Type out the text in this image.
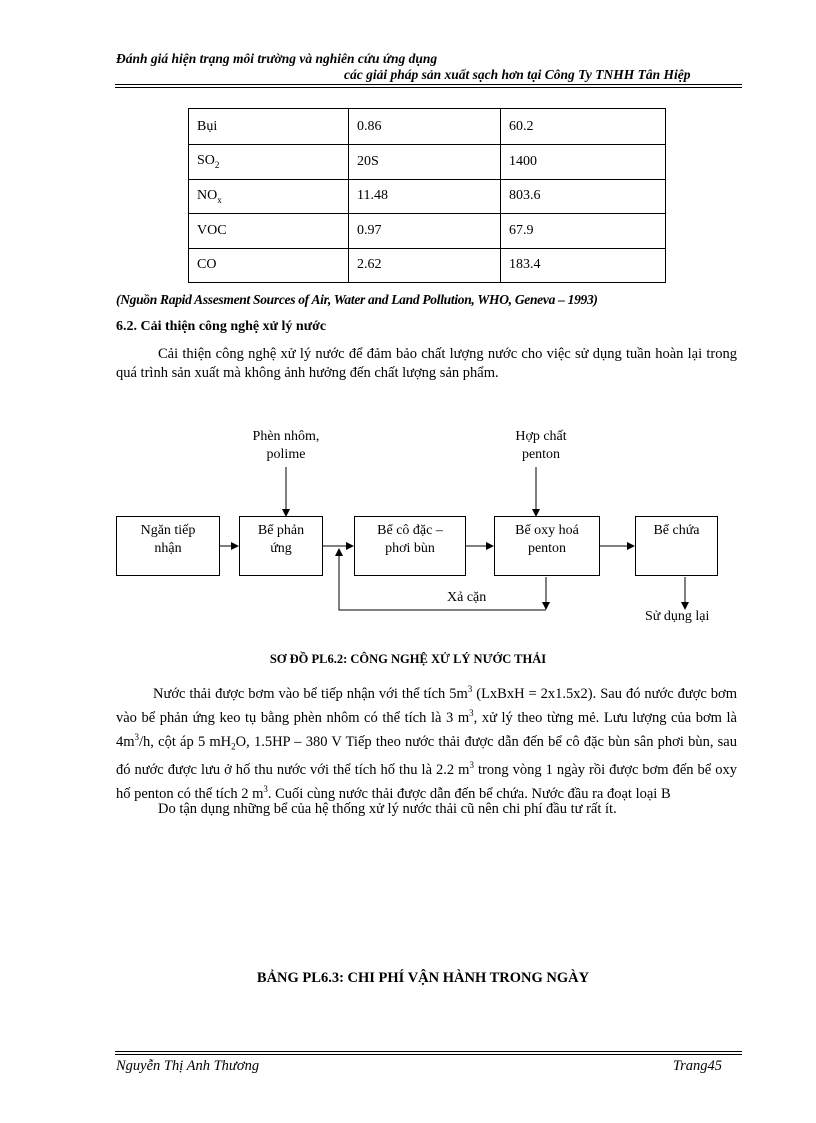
Đánh giá hiện trạng môi trường và nghiên cứu ứng dụng
các giải pháp sản xuất sạch hơn tại Công Ty TNHH Tân Hiệp
Bụi	0.86	60.2
$SO_2$	20S	1400
$NO_x$	11.48	803.6
VOC	0.97	67.9
CO	2.62	183.4
(Nguồn Rapid Assesment Sources of Air, Water and Land Pollution, WHO, Geneva – 1993)
6.2. Cải thiện công nghệ xử lý nước
Cải thiện công nghệ xử lý nước để đảm bảo chất lượng nước cho việc sử dụng tuần hoàn lại trong quá trình sản xuất mà không ảnh hưởng đến chất lượng sản phẩm.
Phèn nhôm,
polime
Hợp chất
penton
Ngăn tiếp
nhận
Bể phản
ứng
Bể cô đặc –
phơi bùn
Bể oxy hoá
penton
Bể chứa
Xả cặn
Sử dụng lại
SƠ ĐỒ PL6.2: CÔNG NGHỆ XỬ LÝ NƯỚC THẢI
Nước thải được bơm vào bể tiếp nhận với thể tích $5m^3$ (LxBxH = 2x1.5x2). Sau đó nước được bơm vào bể phản ứng keo tụ bằng phèn nhôm có thể tích là 3 $m^3$, xử lý theo từng mẻ. Lưu lượng của bơm là $4m^3/h$, cột áp 5 $mH_2O$, 1.5HP – 380 V Tiếp theo nước thải được dẫn đến bể cô đặc bùn sân phơi bùn, sau đó nước được lưu ở hố thu nước với thể tích hố thu là 2.2 $m^3$ trong vòng 1 ngày rồi được bơm đến bể oxy hố penton có thể tích 2 $m^3$. Cuối cùng nước thải được dẫn đến bể chứa. Nước đầu ra đoạt loại B
Do tận dụng những bể của hệ thống xử lý nước thải cũ nên chi phí đầu tư rất ít.
BẢNG PL6.3: CHI PHÍ VẬN HÀNH TRONG NGÀY
Nguyễn Thị Anh Thương	Trang45
